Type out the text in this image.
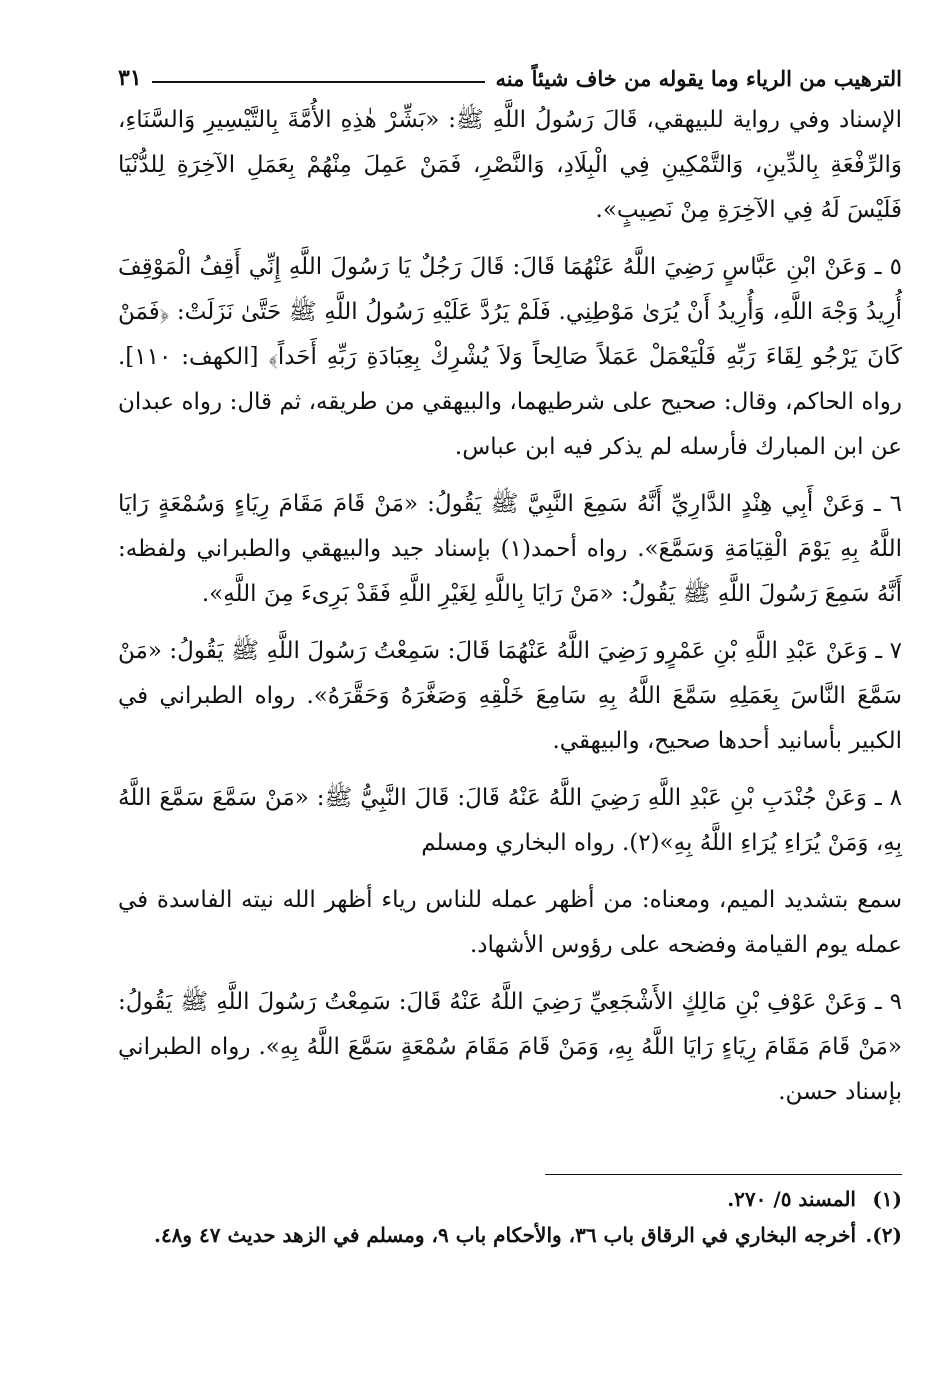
الترهيب من الرياء وما يقوله من خاف شيئاً منه
٣١

الإسناد وفي رواية للبيهقي، قَالَ رَسُولُ اللَّهِ ﷺ: «بَشِّرْ هٰذِهِ الأُمَّةَ بِالتَّيْسِيرِ وَالسَّنَاءِ، وَالرِّفْعَةِ بِالدِّينِ، وَالتَّمْكِينِ فِي الْبِلَادِ، وَالنَّصْرِ، فَمَنْ عَمِلَ مِنْهُمْ بِعَمَلِ الآخِرَةِ لِلدُّنْيَا فَلَيْسَ لَهُ فِي الآخِرَةِ مِنْ نَصِيبٍ».

٥ ـ وَعَنْ ابْنِ عَبَّاسٍ رَضِيَ اللَّهُ عَنْهُمَا قَالَ: قَالَ رَجُلٌ يَا رَسُولَ اللَّهِ إِنِّي أَقِفُ الْمَوْقِفَ أُرِيدُ وَجْهَ اللَّهِ، وَأُرِيدُ أَنْ يُرَىٰ مَوْطِنِي. فَلَمْ يَرُدَّ عَلَيْهِ رَسُولُ اللَّهِ ﷺ حَتَّىٰ نَزَلَتْ: ﴿فَمَنْ كَانَ يَرْجُو لِقَاءَ رَبِّهِ فَلْيَعْمَلْ عَمَلاً صَالِحاً وَلاَ يُشْرِكْ بِعِبَادَةِ رَبِّهِ أَحَداً﴾ [الكهف: ١١٠]. رواه الحاكم، وقال: صحيح على شرطيهما، والبيهقي من طريقه، ثم قال: رواه عبدان عن ابن المبارك فأرسله لم يذكر فيه ابن عباس.

٦ ـ وَعَنْ أَبِي هِنْدٍ الدَّارِيِّ أَنَّهُ سَمِعَ النَّبِيَّ ﷺ يَقُولُ: «مَنْ قَامَ مَقَامَ رِيَاءٍ وَسُمْعَةٍ رَايَا اللَّهُ بِهِ يَوْمَ الْقِيَامَةِ وَسَمَّعَ». رواه أحمد(١) بإسناد جيد والبيهقي والطبراني ولفظه: أَنَّهُ سَمِعَ رَسُولَ اللَّهِ ﷺ يَقُولُ: «مَنْ رَايَا بِاللَّهِ لِغَيْرِ اللَّهِ فَقَدْ بَرِىءَ مِنَ اللَّهِ».

٧ ـ وَعَنْ عَبْدِ اللَّهِ بْنِ عَمْرٍو رَضِيَ اللَّهُ عَنْهُمَا قَالَ: سَمِعْتُ رَسُولَ اللَّهِ ﷺ يَقُولُ: «مَنْ سَمَّعَ النَّاسَ بِعَمَلِهِ سَمَّعَ اللَّهُ بِهِ سَامِعَ خَلْقِهِ وَصَغَّرَهُ وَحَقَّرَهُ». رواه الطبراني في الكبير بأسانيد أحدها صحيح، والبيهقي.

٨ ـ وَعَنْ جُنْدَبِ بْنِ عَبْدِ اللَّهِ رَضِيَ اللَّهُ عَنْهُ قَالَ: قَالَ النَّبِيُّ ﷺ: «مَنْ سَمَّعَ سَمَّعَ اللَّهُ بِهِ، وَمَنْ يُرَاءِ يُرَاءِ اللَّهُ بِهِ»(٢). رواه البخاري ومسلم

سمع بتشديد الميم، ومعناه: من أظهر عمله للناس رياء أظهر الله نيته الفاسدة في عمله يوم القيامة وفضحه على رؤوس الأشهاد.

٩ ـ وَعَنْ عَوْفِ بْنِ مَالِكٍ الأَشْجَعِيِّ رَضِيَ اللَّهُ عَنْهُ قَالَ: سَمِعْتُ رَسُولَ اللَّهِ ﷺ يَقُولُ: «مَنْ قَامَ مَقَامَ رِيَاءٍ رَايَا اللَّهُ بِهِ، وَمَنْ قَامَ مَقَامَ سُمْعَةٍ سَمَّعَ اللَّهُ بِهِ». رواه الطبراني بإسناد حسن.

(١)
المسند ٥/ ٢٧٠.
(٢).
أخرجه البخاري في الرقاق باب ٣٦، والأحكام باب ٩، ومسلم في الزهد حديث ٤٧ و٤٨.
